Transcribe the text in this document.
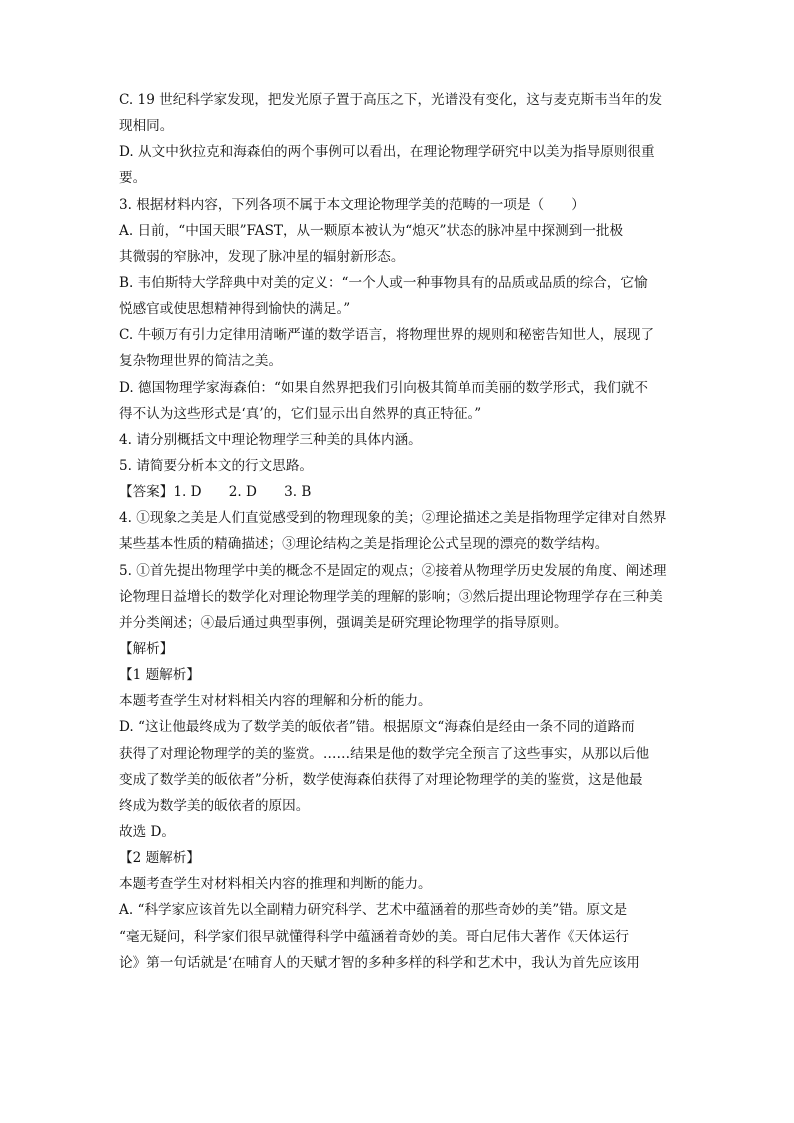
C. 19 世纪科学家发现，把发光原子置于高压之下，光谱没有变化，这与麦克斯韦当年的发
现相同。
D. 从文中狄拉克和海森伯的两个事例可以看出，在理论物理学研究中以美为指导原则很重
要。
3. 根据材料内容，下列各项不属于本文理论物理学美的范畴的一项是（　　）
A. 日前，“中国天眼”FAST，从一颗原本被认为“熄灭”状态的脉冲星中探测到一批极
其微弱的窄脉冲，发现了脉冲星的辐射新形态。
B. 韦伯斯特大学辞典中对美的定义：“一个人或一种事物具有的品质或品质的综合，它愉
悦感官或使思想精神得到愉快的满足。”
C. 牛顿万有引力定律用清晰严谨的数学语言，将物理世界的规则和秘密告知世人，展现了
复杂物理世界的简洁之美。
D. 德国物理学家海森伯：“如果自然界把我们引向极其简单而美丽的数学形式，我们就不
得不认为这些形式是‘真’的，它们显示出自然界的真正特征。”
4. 请分别概括文中理论物理学三种美的具体内涵。
5. 请简要分析本文的行文思路。
【答案】1. D　　2. D　　3. B
4. ①现象之美是人们直觉感受到的物理现象的美；②理论描述之美是指物理学定律对自然界
某些基本性质的精确描述；③理论结构之美是指理论公式呈现的漂亮的数学结构。
5. ①首先提出物理学中美的概念不是固定的观点；②接着从物理学历史发展的角度、阐述理
论物理日益增长的数学化对理论物理学美的理解的影响；③然后提出理论物理学存在三种美
并分类阐述；④最后通过典型事例，强调美是研究理论物理学的指导原则。
【解析】
【1 题解析】
本题考查学生对材料相关内容的理解和分析的能力。
D. “这让他最终成为了数学美的皈依者”错。根据原文“海森伯是经由一条不同的道路而
获得了对理论物理学的美的鉴赏。……结果是他的数学完全预言了这些事实，从那以后他
变成了数学美的皈依者”分析，数学使海森伯获得了对理论物理学的美的鉴赏，这是他最
终成为数学美的皈依者的原因。
故选 D。
【2 题解析】
本题考查学生对材料相关内容的推理和判断的能力。
A. “科学家应该首先以全副精力研究科学、艺术中蕴涵着的那些奇妙的美”错。原文是
“毫无疑问，科学家们很早就懂得科学中蕴涵着奇妙的美。哥白尼伟大著作《天体运行
论》第一句话就是‘在哺育人的天赋才智的多种多样的科学和艺术中，我认为首先应该用
